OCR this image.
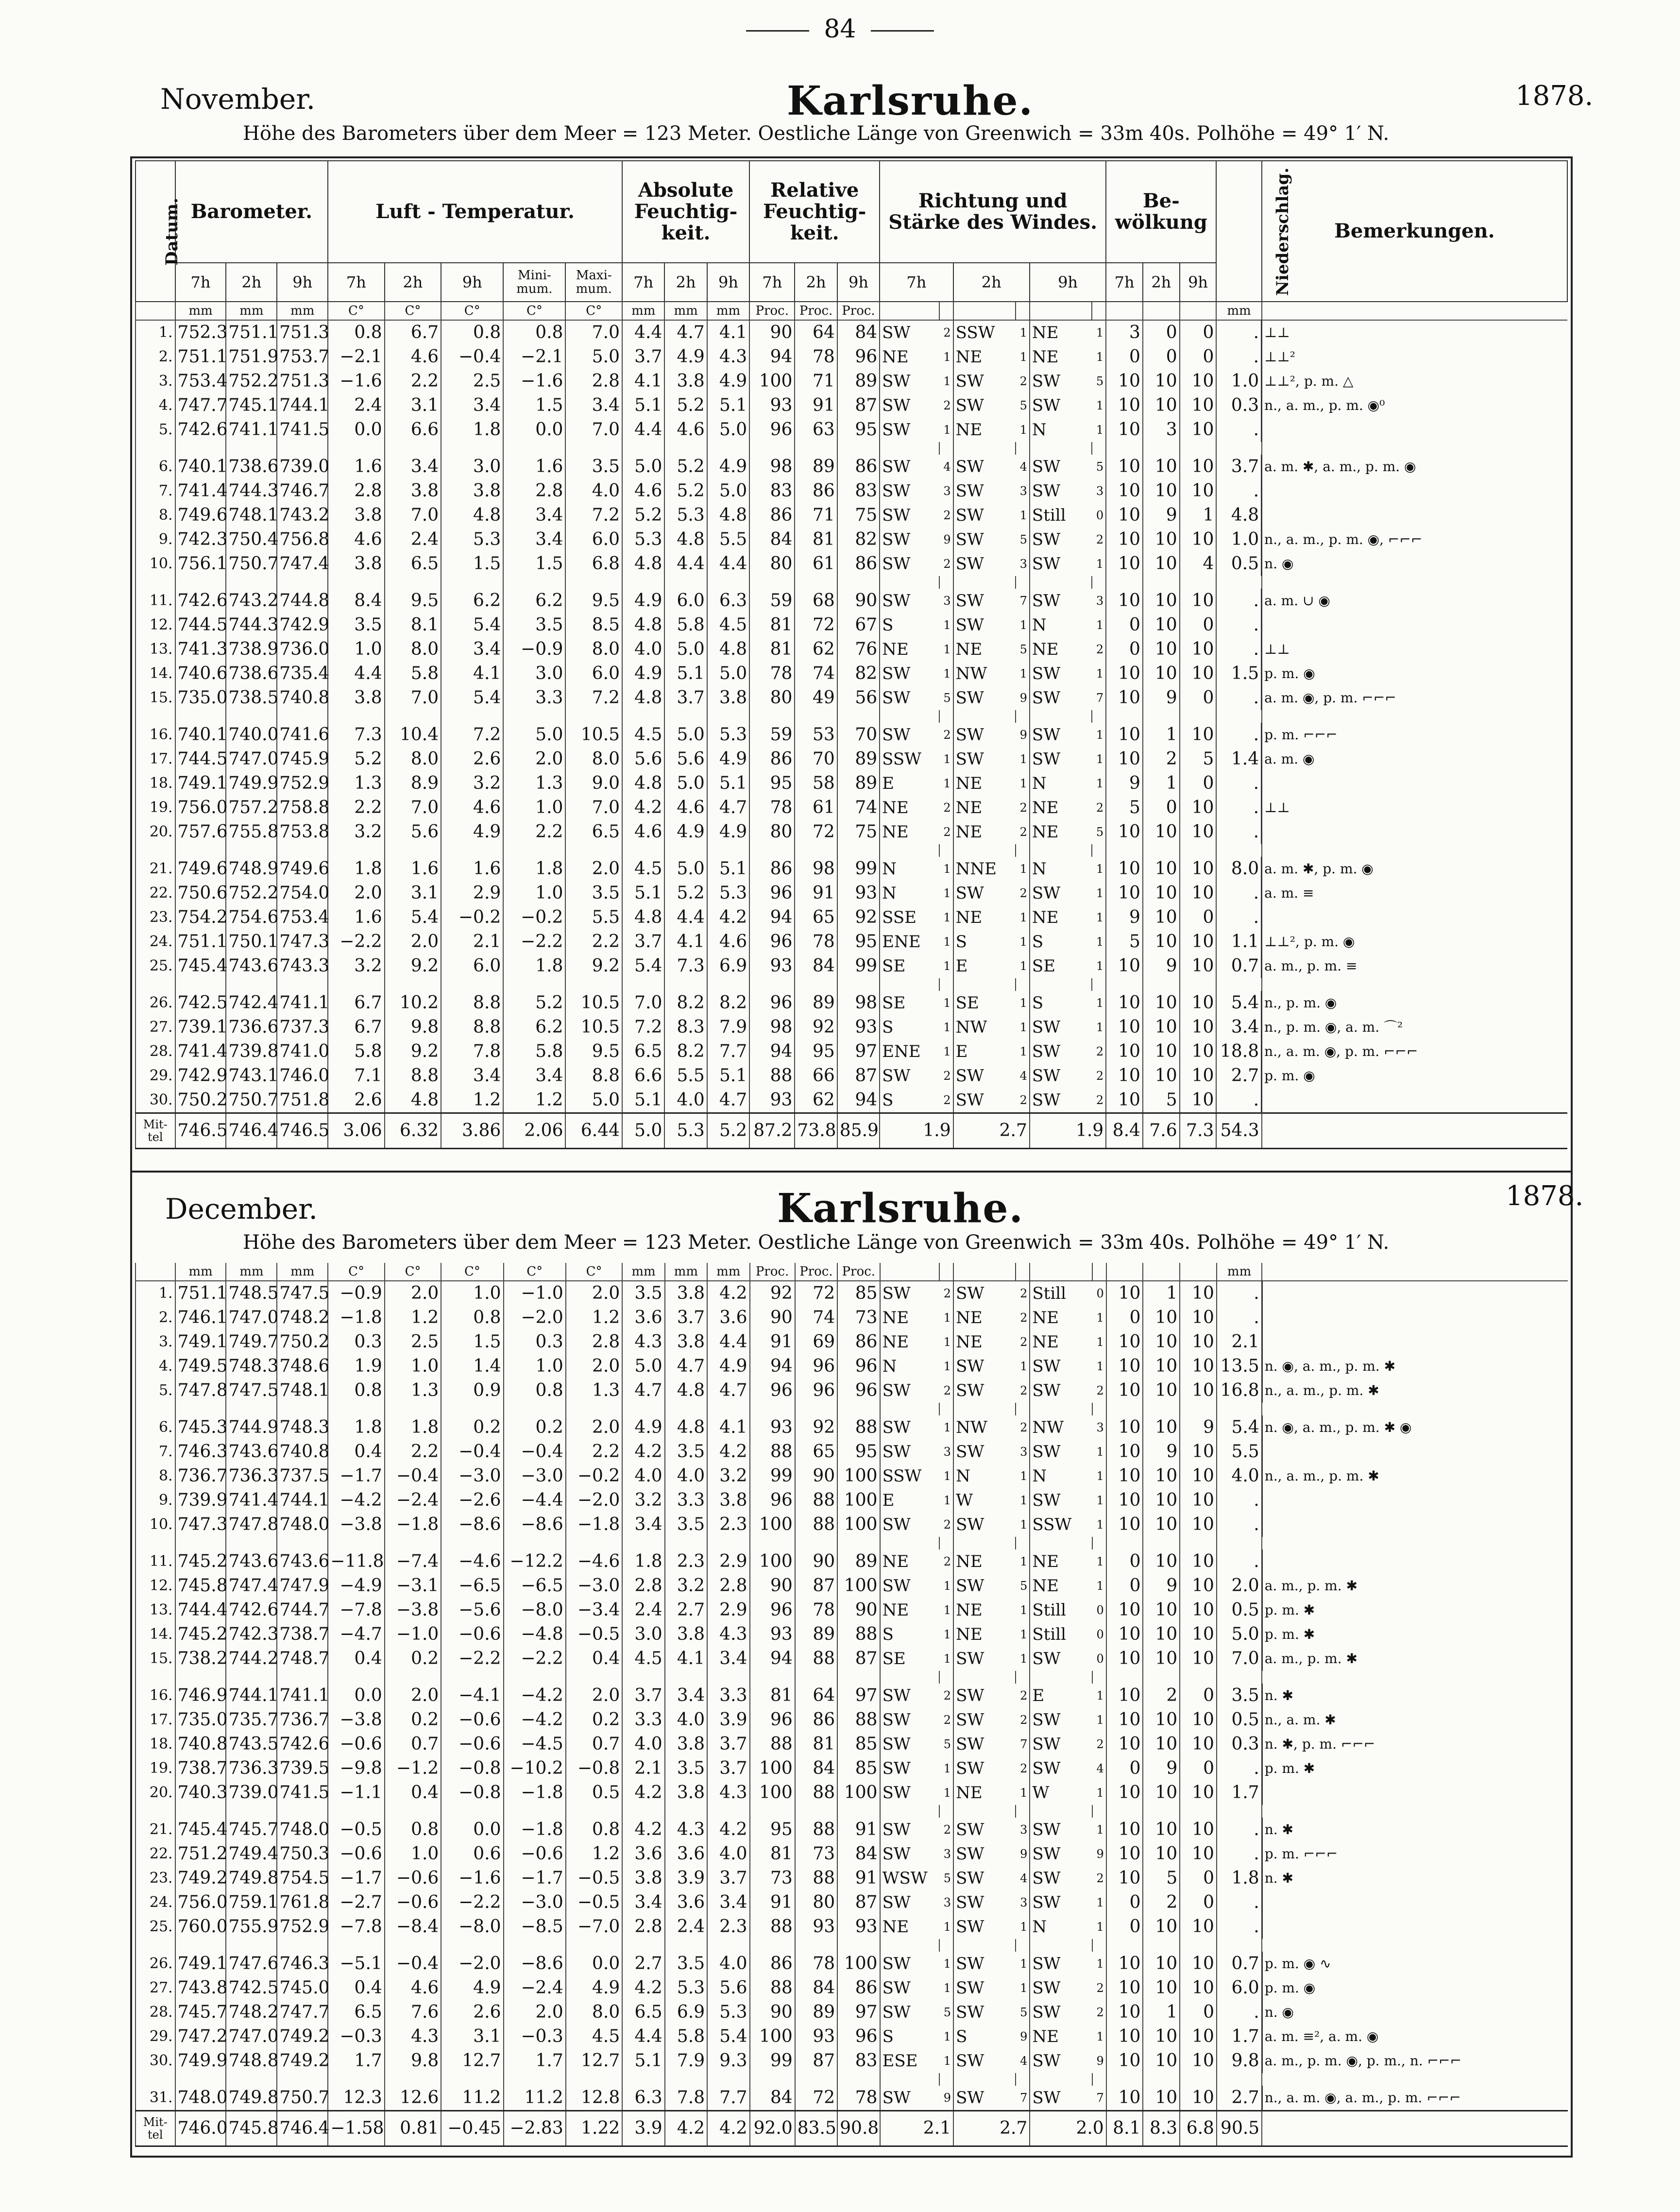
84
November.	Karlsruhe.	1878.
Höhe des Barometers über dem Meer = 123 Meter. Oestliche Länge von Greenwich = 33m 40s. Polhöhe = 49° 1′ N.
Datum.	Barometer.			Luft - Temperatur.					Absolute Feuchtig-keit.			Relative Feuchtig-keit.			Richtung und Stärke des Windes.						Be-wölkung			Niederschlag.	Bemerkungen.
	7h	2h	9h	7h	2h	9h	Mini-mum.	Maxi-mum.	7h	2h	9h	7h	2h	9h	7h		2h		9h		7h	2h	9h		
	mm	mm	mm	C°	C°	C°	C°	C°	mm	mm	mm	Proc.	Proc.	Proc.										mm	
1.	752.3	751.1	751.3	0.8	6.7	0.8	0.8	7.0	4.4	4.7	4.1	90	64	84	SW	2	SSW	1	NE	1	3	0	0	.	⊥⊥
2.	751.1	751.9	753.7	−2.1	4.6	−0.4	−2.1	5.0	3.7	4.9	4.3	94	78	96	NE	1	NE	1	NE	1	0	0	0	.	⊥⊥²
3.	753.4	752.2	751.3	−1.6	2.2	2.5	−1.6	2.8	4.1	3.8	4.9	100	71	89	SW	1	SW	2	SW	5	10	10	10	1.0	⊥⊥², p. m. △
4.	747.7	745.1	744.1	2.4	3.1	3.4	1.5	3.4	5.1	5.2	5.1	93	91	87	SW	2	SW	5	SW	1	10	10	10	0.3	n., a. m., p. m. ◉⁰
5.	742.6	741.1	741.5	0.0	6.6	1.8	0.0	7.0	4.4	4.6	5.0	96	63	95	SW	1	NE	1	N	1	10	3	10	.	

6.	740.1	738.6	739.0	1.6	3.4	3.0	1.6	3.5	5.0	5.2	4.9	98	89	86	SW	4	SW	4	SW	5	10	10	10	3.7	a. m. ✱, a. m., p. m. ◉
7.	741.4	744.3	746.7	2.8	3.8	3.8	2.8	4.0	4.6	5.2	5.0	83	86	83	SW	3	SW	3	SW	3	10	10	10	.	
8.	749.6	748.1	743.2	3.8	7.0	4.8	3.4	7.2	5.2	5.3	4.8	86	71	75	SW	2	SW	1	Still	0	10	9	1	4.8	
9.	742.3	750.4	756.8	4.6	2.4	5.3	3.4	6.0	5.3	4.8	5.5	84	81	82	SW	9	SW	5	SW	2	10	10	10	1.0	n., a. m., p. m. ◉, ⌐⌐⌐
10.	756.1	750.7	747.4	3.8	6.5	1.5	1.5	6.8	4.8	4.4	4.4	80	61	86	SW	2	SW	3	SW	1	10	10	4	0.5	n. ◉

11.	742.6	743.2	744.8	8.4	9.5	6.2	6.2	9.5	4.9	6.0	6.3	59	68	90	SW	3	SW	7	SW	3	10	10	10	.	a. m. ∪ ◉
12.	744.5	744.3	742.9	3.5	8.1	5.4	3.5	8.5	4.8	5.8	4.5	81	72	67	S	1	SW	1	N	1	0	10	0	.	
13.	741.3	738.9	736.0	1.0	8.0	3.4	−0.9	8.0	4.0	5.0	4.8	81	62	76	NE	1	NE	5	NE	2	0	10	10	.	⊥⊥
14.	740.6	738.6	735.4	4.4	5.8	4.1	3.0	6.0	4.9	5.1	5.0	78	74	82	SW	1	NW	1	SW	1	10	10	10	1.5	p. m. ◉
15.	735.0	738.5	740.8	3.8	7.0	5.4	3.3	7.2	4.8	3.7	3.8	80	49	56	SW	5	SW	9	SW	7	10	9	0	.	a. m. ◉, p. m. ⌐⌐⌐

16.	740.1	740.0	741.6	7.3	10.4	7.2	5.0	10.5	4.5	5.0	5.3	59	53	70	SW	2	SW	9	SW	1	10	1	10	.	p. m. ⌐⌐⌐
17.	744.5	747.0	745.9	5.2	8.0	2.6	2.0	8.0	5.6	5.6	4.9	86	70	89	SSW	1	SW	1	SW	1	10	2	5	1.4	a. m. ◉
18.	749.1	749.9	752.9	1.3	8.9	3.2	1.3	9.0	4.8	5.0	5.1	95	58	89	E	1	NE	1	N	1	9	1	0	.	
19.	756.0	757.2	758.8	2.2	7.0	4.6	1.0	7.0	4.2	4.6	4.7	78	61	74	NE	2	NE	2	NE	2	5	0	10	.	⊥⊥
20.	757.6	755.8	753.8	3.2	5.6	4.9	2.2	6.5	4.6	4.9	4.9	80	72	75	NE	2	NE	2	NE	5	10	10	10	.	

21.	749.6	748.9	749.6	1.8	1.6	1.6	1.8	2.0	4.5	5.0	5.1	86	98	99	N	1	NNE	1	N	1	10	10	10	8.0	a. m. ✱, p. m. ◉
22.	750.6	752.2	754.0	2.0	3.1	2.9	1.0	3.5	5.1	5.2	5.3	96	91	93	N	1	SW	2	SW	1	10	10	10	.	a. m. ≡
23.	754.2	754.6	753.4	1.6	5.4	−0.2	−0.2	5.5	4.8	4.4	4.2	94	65	92	SSE	1	NE	1	NE	1	9	10	0	.	
24.	751.1	750.1	747.3	−2.2	2.0	2.1	−2.2	2.2	3.7	4.1	4.6	96	78	95	ENE	1	S	1	S	1	5	10	10	1.1	⊥⊥², p. m. ◉
25.	745.4	743.6	743.3	3.2	9.2	6.0	1.8	9.2	5.4	7.3	6.9	93	84	99	SE	1	E	1	SE	1	10	9	10	0.7	a. m., p. m. ≡

26.	742.5	742.4	741.1	6.7	10.2	8.8	5.2	10.5	7.0	8.2	8.2	96	89	98	SE	1	SE	1	S	1	10	10	10	5.4	n., p. m. ◉
27.	739.1	736.6	737.3	6.7	9.8	8.8	6.2	10.5	7.2	8.3	7.9	98	92	93	S	1	NW	1	SW	1	10	10	10	3.4	n., p. m. ◉, a. m. ⌒²
28.	741.4	739.8	741.0	5.8	9.2	7.8	5.8	9.5	6.5	8.2	7.7	94	95	97	ENE	1	E	1	SW	2	10	10	10	18.8	n., a. m. ◉, p. m. ⌐⌐⌐
29.	742.9	743.1	746.0	7.1	8.8	3.4	3.4	8.8	6.6	5.5	5.1	88	66	87	SW	2	SW	4	SW	2	10	10	10	2.7	p. m. ◉
30.	750.2	750.7	751.8	2.6	4.8	1.2	1.2	5.0	5.1	4.0	4.7	93	62	94	S	2	SW	2	SW	2	10	5	10	.	
Mit-tel	746.5	746.4	746.5	3.06	6.32	3.86	2.06	6.44	5.0	5.3	5.2	87.2	73.8	85.9	1.9		2.7		1.9		8.4	7.6	7.3	54.3	
December.	Karlsruhe.	1878.
Höhe des Barometers über dem Meer = 123 Meter. Oestliche Länge von Greenwich = 33m 40s. Polhöhe = 49° 1′ N.
	mm	mm	mm	C°	C°	C°	C°	C°	mm	mm	mm	Proc.	Proc.	Proc.										mm	
1.	751.1	748.5	747.5	−0.9	2.0	1.0	−1.0	2.0	3.5	3.8	4.2	92	72	85	SW	2	SW	2	Still	0	10	1	10	.	
2.	746.1	747.0	748.2	−1.8	1.2	0.8	−2.0	1.2	3.6	3.7	3.6	90	74	73	NE	1	NE	2	NE	1	0	10	10	.	
3.	749.1	749.7	750.2	0.3	2.5	1.5	0.3	2.8	4.3	3.8	4.4	91	69	86	NE	1	NE	2	NE	1	10	10	10	2.1	
4.	749.5	748.3	748.6	1.9	1.0	1.4	1.0	2.0	5.0	4.7	4.9	94	96	96	N	1	SW	1	SW	1	10	10	10	13.5	n. ◉, a. m., p. m. ✱
5.	747.8	747.5	748.1	0.8	1.3	0.9	0.8	1.3	4.7	4.8	4.7	96	96	96	SW	2	SW	2	SW	2	10	10	10	16.8	n., a. m., p. m. ✱

6.	745.3	744.9	748.3	1.8	1.8	0.2	0.2	2.0	4.9	4.8	4.1	93	92	88	SW	1	NW	2	NW	3	10	10	9	5.4	n. ◉, a. m., p. m. ✱ ◉
7.	746.3	743.6	740.8	0.4	2.2	−0.4	−0.4	2.2	4.2	3.5	4.2	88	65	95	SW	3	SW	3	SW	1	10	9	10	5.5	
8.	736.7	736.3	737.5	−1.7	−0.4	−3.0	−3.0	−0.2	4.0	4.0	3.2	99	90	100	SSW	1	N	1	N	1	10	10	10	4.0	n., a. m., p. m. ✱
9.	739.9	741.4	744.1	−4.2	−2.4	−2.6	−4.4	−2.0	3.2	3.3	3.8	96	88	100	E	1	W	1	SW	1	10	10	10	.	
10.	747.3	747.8	748.0	−3.8	−1.8	−8.6	−8.6	−1.8	3.4	3.5	2.3	100	88	100	SW	2	SW	1	SSW	1	10	10	10	.	

11.	745.2	743.6	743.6	−11.8	−7.4	−4.6	−12.2	−4.6	1.8	2.3	2.9	100	90	89	NE	2	NE	1	NE	1	0	10	10	.	
12.	745.8	747.4	747.9	−4.9	−3.1	−6.5	−6.5	−3.0	2.8	3.2	2.8	90	87	100	SW	1	SW	5	NE	1	0	9	10	2.0	a. m., p. m. ✱
13.	744.4	742.6	744.7	−7.8	−3.8	−5.6	−8.0	−3.4	2.4	2.7	2.9	96	78	90	NE	1	NE	1	Still	0	10	10	10	0.5	p. m. ✱
14.	745.2	742.3	738.7	−4.7	−1.0	−0.6	−4.8	−0.5	3.0	3.8	4.3	93	89	88	S	1	NE	1	Still	0	10	10	10	5.0	p. m. ✱
15.	738.2	744.2	748.7	0.4	0.2	−2.2	−2.2	0.4	4.5	4.1	3.4	94	88	87	SE	1	SW	1	SW	0	10	10	10	7.0	a. m., p. m. ✱

16.	746.9	744.1	741.1	0.0	2.0	−4.1	−4.2	2.0	3.7	3.4	3.3	81	64	97	SW	2	SW	2	E	1	10	2	0	3.5	n. ✱
17.	735.0	735.7	736.7	−3.8	0.2	−0.6	−4.2	0.2	3.3	4.0	3.9	96	86	88	SW	2	SW	2	SW	1	10	10	10	0.5	n., a. m. ✱
18.	740.8	743.5	742.6	−0.6	0.7	−0.6	−4.5	0.7	4.0	3.8	3.7	88	81	85	SW	5	SW	7	SW	2	10	10	10	0.3	n. ✱, p. m. ⌐⌐⌐
19.	738.7	736.3	739.5	−9.8	−1.2	−0.8	−10.2	−0.8	2.1	3.5	3.7	100	84	85	SW	1	SW	2	SW	4	0	9	0	.	p. m. ✱
20.	740.3	739.0	741.5	−1.1	0.4	−0.8	−1.8	0.5	4.2	3.8	4.3	100	88	100	SW	1	NE	1	W	1	10	10	10	1.7	

21.	745.4	745.7	748.0	−0.5	0.8	0.0	−1.8	0.8	4.2	4.3	4.2	95	88	91	SW	2	SW	3	SW	1	10	10	10	.	n. ✱
22.	751.2	749.4	750.3	−0.6	1.0	0.6	−0.6	1.2	3.6	3.6	4.0	81	73	84	SW	3	SW	9	SW	9	10	10	10	.	p. m. ⌐⌐⌐
23.	749.2	749.8	754.5	−1.7	−0.6	−1.6	−1.7	−0.5	3.8	3.9	3.7	73	88	91	WSW	5	SW	4	SW	2	10	5	0	1.8	n. ✱
24.	756.0	759.1	761.8	−2.7	−0.6	−2.2	−3.0	−0.5	3.4	3.6	3.4	91	80	87	SW	3	SW	3	SW	1	0	2	0	.	
25.	760.0	755.9	752.9	−7.8	−8.4	−8.0	−8.5	−7.0	2.8	2.4	2.3	88	93	93	NE	1	SW	1	N	1	0	10	10	.	

26.	749.1	747.6	746.3	−5.1	−0.4	−2.0	−8.6	0.0	2.7	3.5	4.0	86	78	100	SW	1	SW	1	SW	1	10	10	10	0.7	p. m. ◉ ∿
27.	743.8	742.5	745.0	0.4	4.6	4.9	−2.4	4.9	4.2	5.3	5.6	88	84	86	SW	1	SW	1	SW	2	10	10	10	6.0	p. m. ◉
28.	745.7	748.2	747.7	6.5	7.6	2.6	2.0	8.0	6.5	6.9	5.3	90	89	97	SW	5	SW	5	SW	2	10	1	0	.	n. ◉
29.	747.2	747.0	749.2	−0.3	4.3	3.1	−0.3	4.5	4.4	5.8	5.4	100	93	96	S	1	S	9	NE	1	10	10	10	1.7	a. m. ≡², a. m. ◉
30.	749.9	748.8	749.2	1.7	9.8	12.7	1.7	12.7	5.1	7.9	9.3	99	87	83	ESE	1	SW	4	SW	9	10	10	10	9.8	a. m., p. m. ◉, p. m., n. ⌐⌐⌐

31.	748.0	749.8	750.7	12.3	12.6	11.2	11.2	12.8	6.3	7.8	7.7	84	72	78	SW	9	SW	7	SW	7	10	10	10	2.7	n., a. m. ◉, a. m., p. m. ⌐⌐⌐
Mit-tel	746.0	745.8	746.4	−1.58	0.81	−0.45	−2.83	1.22	3.9	4.2	4.2	92.0	83.5	90.8	2.1		2.7		2.0		8.1	8.3	6.8	90.5	
